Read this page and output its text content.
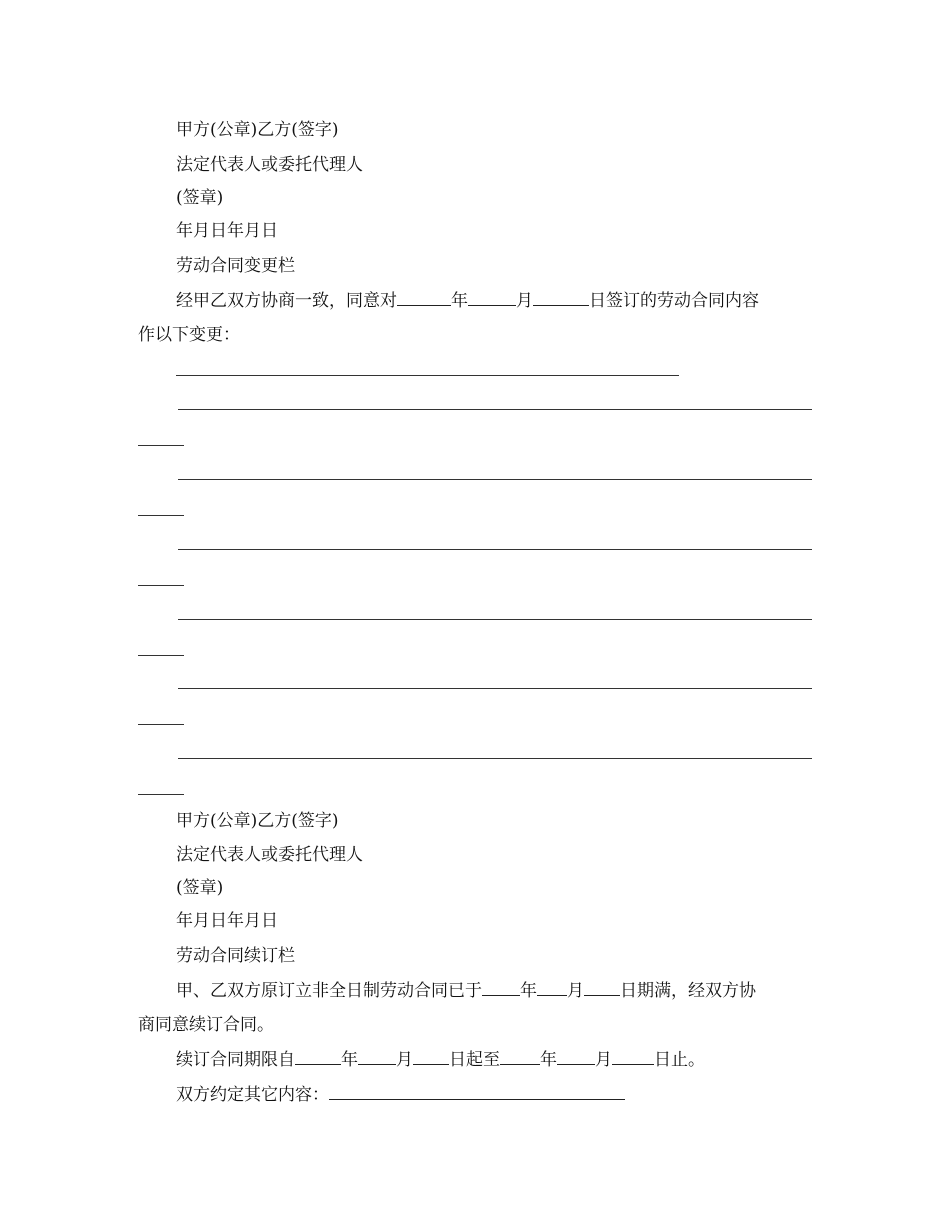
甲方(公章)乙方(签字)
法定代表人或委托代理人
(签章)
年月日年月日
劳动合同变更栏
经甲乙双方协商一致，同意对	年	月	日签订的劳动合同内容
作以下变更：
甲方(公章)乙方(签字)
法定代表人或委托代理人
(签章)
年月日年月日
劳动合同续订栏
甲、乙双方原订立非全日制劳动合同已于 年 月 日期满，经双方协
商同意续订合同。
续订合同期限自	年 月 日起至 年 月 日止。
双方约定其它内容：
